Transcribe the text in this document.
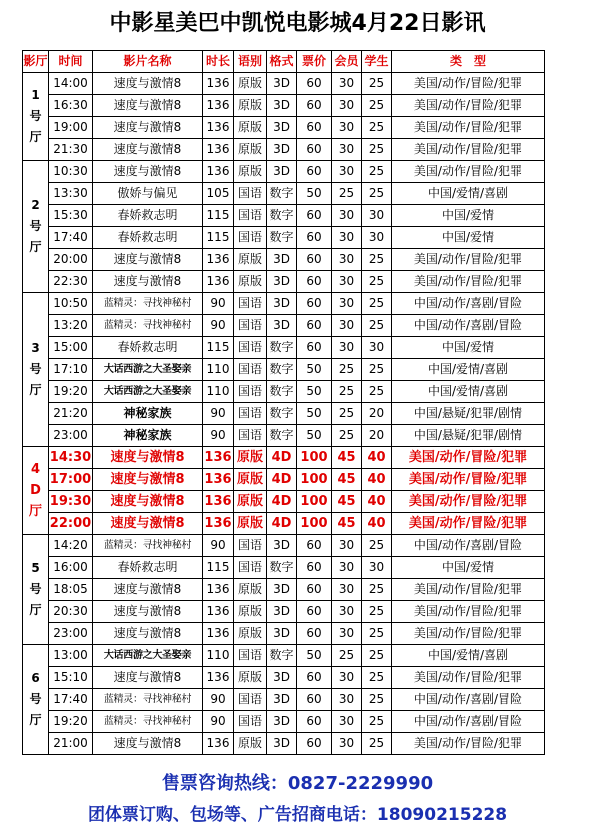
中影星美巴中凯悦电影城4月22日影讯
影厅	时间	影片名称	时长	语别	格式	票价	会员	学生	类　型

1
号
厅	14:00	速度与激情8	136	原版	3D	60	30	25	美国/动作/冒险/犯罪
	16:30	速度与激情8	136	原版	3D	60	30	25	美国/动作/冒险/犯罪
	19:00	速度与激情8	136	原版	3D	60	30	25	美国/动作/冒险/犯罪
	21:30	速度与激情8	136	原版	3D	60	30	25	美国/动作/冒险/犯罪

2
号
厅	10:30	速度与激情8	136	原版	3D	60	30	25	美国/动作/冒险/犯罪
	13:30	傲娇与偏见	105	国语	数字	50	25	25	中国/爱情/喜剧
	15:30	春娇救志明	115	国语	数字	60	30	30	中国/爱情
	17:40	春娇救志明	115	国语	数字	60	30	30	中国/爱情
	20:00	速度与激情8	136	原版	3D	60	30	25	美国/动作/冒险/犯罪
	22:30	速度与激情8	136	原版	3D	60	30	25	美国/动作/冒险/犯罪

3
号
厅	10:50	蓝精灵：寻找神秘村	90	国语	3D	60	30	25	中国/动作/喜剧/冒险
	13:20	蓝精灵：寻找神秘村	90	国语	3D	60	30	25	中国/动作/喜剧/冒险
	15:00	春娇救志明	115	国语	数字	60	30	30	中国/爱情
	17:10	大话西游之大圣娶亲	110	国语	数字	50	25	25	中国/爱情/喜剧
	19:20	大话西游之大圣娶亲	110	国语	数字	50	25	25	中国/爱情/喜剧
	21:20	神秘家族	90	国语	数字	50	25	20	中国/悬疑/犯罪/剧情
	23:00	神秘家族	90	国语	数字	50	25	20	中国/悬疑/犯罪/剧情

4
D
厅	14:30	速度与激情8	136	原版	4D	100	45	40	美国/动作/冒险/犯罪
	17:00	速度与激情8	136	原版	4D	100	45	40	美国/动作/冒险/犯罪
	19:30	速度与激情8	136	原版	4D	100	45	40	美国/动作/冒险/犯罪
	22:00	速度与激情8	136	原版	4D	100	45	40	美国/动作/冒险/犯罪

5
号
厅	14:20	蓝精灵：寻找神秘村	90	国语	3D	60	30	25	中国/动作/喜剧/冒险
	16:00	春娇救志明	115	国语	数字	60	30	30	中国/爱情
	18:05	速度与激情8	136	原版	3D	60	30	25	美国/动作/冒险/犯罪
	20:30	速度与激情8	136	原版	3D	60	30	25	美国/动作/冒险/犯罪
	23:00	速度与激情8	136	原版	3D	60	30	25	美国/动作/冒险/犯罪

6
号
厅	13:00	大话西游之大圣娶亲	110	国语	数字	50	25	25	中国/爱情/喜剧
	15:10	速度与激情8	136	原版	3D	60	30	25	美国/动作/冒险/犯罪
	17:40	蓝精灵：寻找神秘村	90	国语	3D	60	30	25	中国/动作/喜剧/冒险
	19:20	蓝精灵：寻找神秘村	90	国语	3D	60	30	25	中国/动作/喜剧/冒险
	21:00	速度与激情8	136	原版	3D	60	30	25	美国/动作/冒险/犯罪
售票咨询热线：0827-2229990
团体票订购、包场等、广告招商电话：18090215228
